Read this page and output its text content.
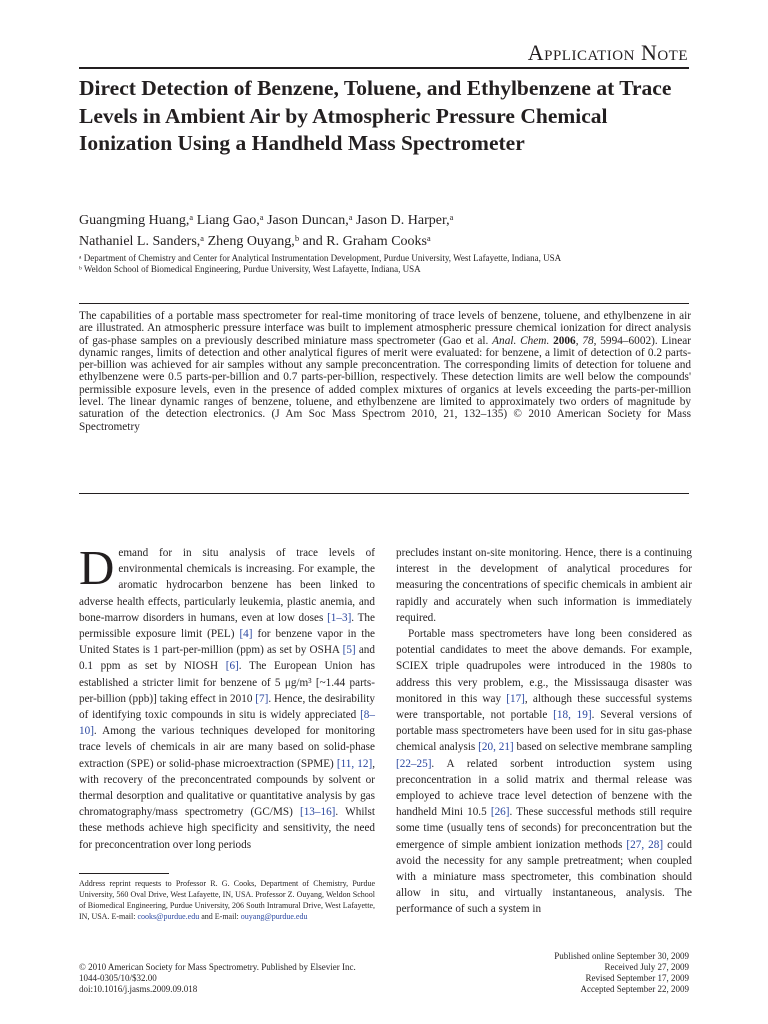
Application Note
Direct Detection of Benzene, Toluene, and Ethylbenzene at Trace Levels in Ambient Air by Atmospheric Pressure Chemical Ionization Using a Handheld Mass Spectrometer
Guangming Huang,ᵃ Liang Gao,ᵃ Jason Duncan,ᵃ Jason D. Harper,ᵃ
Nathaniel L. Sanders,ᵃ Zheng Ouyang,ᵇ and R. Graham Cooksᵃ
ᵃ Department of Chemistry and Center for Analytical Instrumentation Development, Purdue University, West Lafayette, Indiana, USA
ᵇ Weldon School of Biomedical Engineering, Purdue University, West Lafayette, Indiana, USA

The capabilities of a portable mass spectrometer for real-time monitoring of trace levels of benzene, toluene, and ethylbenzene in air are illustrated. An atmospheric pressure interface was built to implement atmospheric pressure chemical ionization for direct analysis of gas-phase samples on a previously described miniature mass spectrometer (Gao et al. Anal. Chem. 2006, 78, 5994–6002). Linear dynamic ranges, limits of detection and other analytical figures of merit were evaluated: for benzene, a limit of detection of 0.2 parts-per-billion was achieved for air samples without any sample preconcentration. The corresponding limits of detection for toluene and ethylbenzene were 0.5 parts-per-billion and 0.7 parts-per-billion, respectively. These detection limits are well below the compounds' permissible exposure levels, even in the presence of added complex mixtures of organics at levels exceeding the parts-per-million level. The linear dynamic ranges of benzene, toluene, and ethylbenzene are limited to approximately two orders of magnitude by saturation of the detection electronics. (J Am Soc Mass Spectrom 2010, 21, 132–135) © 2010 American Society for Mass Spectrometry

Demand for in situ analysis of trace levels of environmental chemicals is increasing. For example, the aromatic hydrocarbon benzene has been linked to adverse health effects, particularly leukemia, plastic anemia, and bone-marrow disorders in humans, even at low doses [1–3]. The permissible exposure limit (PEL) [4] for benzene vapor in the United States is 1 part-per-million (ppm) as set by OSHA [5] and 0.1 ppm as set by NIOSH [6]. The European Union has established a stricter limit for benzene of 5 μg/m³ [~1.44 parts-per-billion (ppb)] taking effect in 2010 [7]. Hence, the desirability of identifying toxic compounds in situ is widely appreciated [8–10]. Among the various techniques developed for monitoring trace levels of chemicals in air are many based on solid-phase extraction (SPE) or solid-phase microextraction (SPME) [11, 12], with recovery of the preconcentrated compounds by solvent or thermal desorption and qualitative or quantitative analysis by gas chromatography/mass spectrometry (GC/MS) [13–16]. Whilst these methods achieve high specificity and sensitivity, the need for preconcentration over long periods

precludes instant on-site monitoring. Hence, there is a continuing interest in the development of analytical procedures for measuring the concentrations of specific chemicals in ambient air rapidly and accurately when such information is immediately required.

Portable mass spectrometers have long been considered as potential candidates to meet the above demands. For example, SCIEX triple quadrupoles were introduced in the 1980s to address this very problem, e.g., the Mississauga disaster was monitored in this way [17], although these successful systems were transportable, not portable [18, 19]. Several versions of portable mass spectrometers have been used for in situ gas-phase chemical analysis [20, 21] based on selective membrane sampling [22–25]. A related sorbent introduction system using preconcentration in a solid matrix and thermal release was employed to achieve trace level detection of benzene with the handheld Mini 10.5 [26]. These successful methods still require some time (usually tens of seconds) for preconcentration but the emergence of simple ambient ionization methods [27, 28] could avoid the necessity for any sample pretreatment; when coupled with a miniature mass spectrometer, this combination should allow in situ, and virtually instantaneous, analysis. The performance of such a system in

Address reprint requests to Professor R. G. Cooks, Department of Chemistry, Purdue University, 560 Oval Drive, West Lafayette, IN, USA. Professor Z. Ouyang, Weldon School of Biomedical Engineering, Purdue University, 206 South Intramural Drive, West Lafayette, IN, USA. E-mail: cooks@purdue.edu and E-mail: ouyang@purdue.edu

© 2010 American Society for Mass Spectrometry. Published by Elsevier Inc.
1044-0305/10/$32.00
doi:10.1016/j.jasms.2009.09.018
Published online September 30, 2009
Received July 27, 2009
Revised September 17, 2009
Accepted September 22, 2009
